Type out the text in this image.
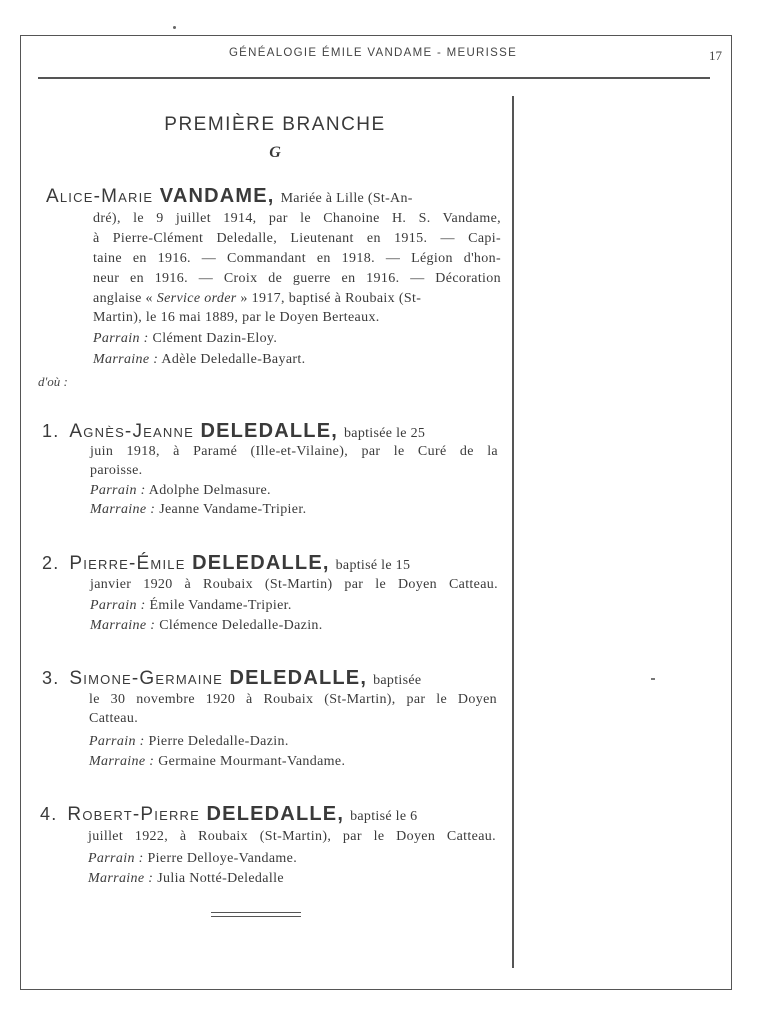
GÉNÉALOGIE ÉMILE VANDAME - MEURISSE	17
PREMIÈRE BRANCHE
G
Alice-Marie VANDAME, Mariée à Lille (St-An-
dré), le 9 juillet 1914, par le Chanoine H. S. Vandame,
à Pierre-Clément Deledalle, Lieutenant en 1915. — Capi-
taine en 1916. — Commandant en 1918. — Légion d'hon-
neur en 1916. — Croix de guerre en 1916. — Décoration
anglaise « Service order » 1917, baptisé à Roubaix (St-
Martin), le 16 mai 1889, par le Doyen Berteaux.
Parrain : Clément Dazin-Eloy.
Marraine : Adèle Deledalle-Bayart.
d'où :
1. Agnès-Jeanne DELEDALLE, baptisée le 25
juin 1918, à Paramé (Ille-et-Vilaine), par le Curé de la
paroisse.
Parrain : Adolphe Delmasure.
Marraine : Jeanne Vandame-Tripier.
2. Pierre-Émile DELEDALLE, baptisé le 15
janvier 1920 à Roubaix (St-Martin) par le Doyen Catteau.
Parrain : Émile Vandame-Tripier.
Marraine : Clémence Deledalle-Dazin.
3. Simone-Germaine DELEDALLE, baptisée
le 30 novembre 1920 à Roubaix (St-Martin), par le Doyen
Catteau.
Parrain : Pierre Deledalle-Dazin.
Marraine : Germaine Mourmant-Vandame.
4. Robert-Pierre DELEDALLE, baptisé le 6
juillet 1922, à Roubaix (St-Martin), par le Doyen Catteau.
Parrain : Pierre Delloye-Vandame.
Marraine : Julia Notté-Deledalle
